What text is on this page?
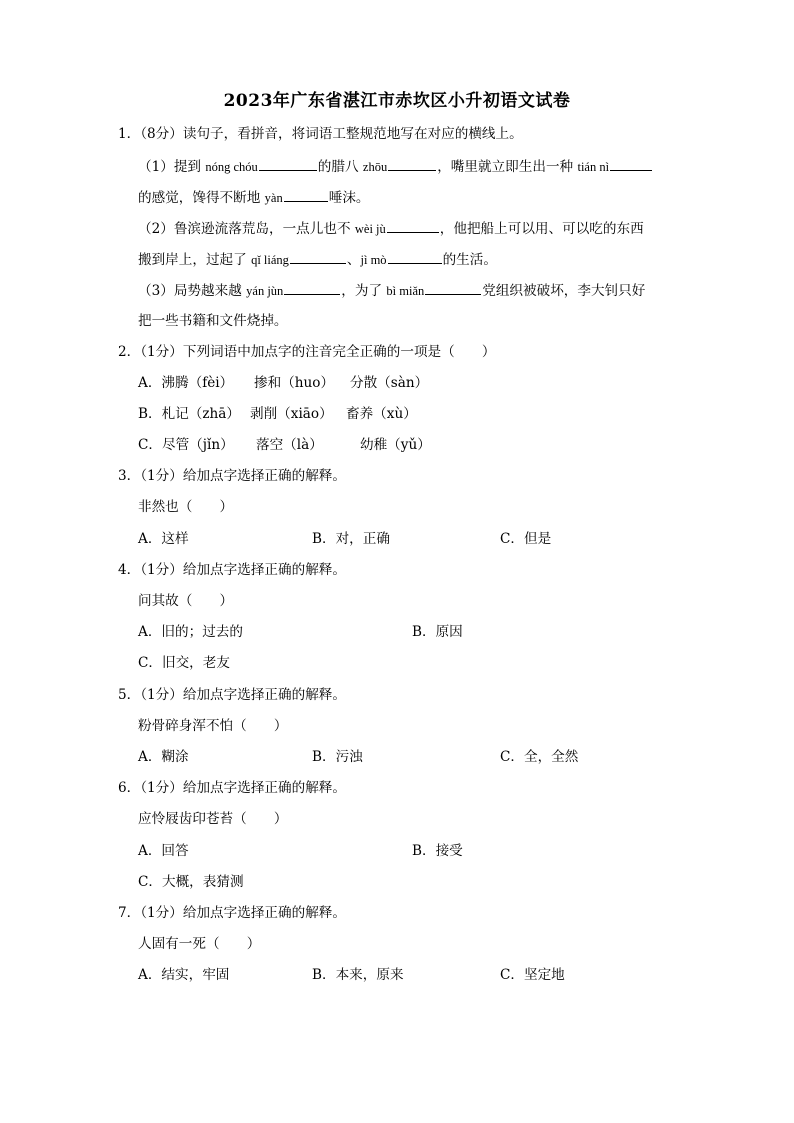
2023年广东省湛江市赤坎区小升初语文试卷
1．（8分）读句子，看拼音，将词语工整规范地写在对应的横线上。
（1）提到 nóng chóu	的腊八 zhōu	，嘴里就立即生出一种 tián nì
的感觉，馋得不断地 yàn	唾沫。
（2）鲁滨逊流落荒岛，一点儿也不 wèi jù	，他把船上可以用、可以吃的东西
搬到岸上，过起了 qǐ liáng	、jì mò	的生活。
（3）局势越来越 yán jùn	，为了 bì miǎn	党组织被破坏，李大钊只好
把一些书籍和文件烧掉。
2．（1分）下列词语中加点字的注音完全正确的一项是（　　）
A．沸腾（fèi） 掺和（huo） 分散（sàn）
B．札记（zhā） 剥削（xiāo） 畜养（xù）
C．尽管（jǐn） 落空（là）	幼稚（yǔ）
3．（1分）给加点字选择正确的解释。
非然也（　　）
A．这样	B．对，正确	C．但是
4．（1分）给加点字选择正确的解释。
问其故（　　）
A．旧的；过去的	B．原因
C．旧交，老友
5．（1分）给加点字选择正确的解释。
粉骨碎身浑不怕（　　）
A．糊涂	B．污浊	C．全，全然
6．（1分）给加点字选择正确的解释。
应怜屐齿印苍苔（　　）
A．回答	B．接受
C．大概，表猜测
7．（1分）给加点字选择正确的解释。
人固有一死（　　）
A．结实，牢固	B．本来，原来	C．坚定地
